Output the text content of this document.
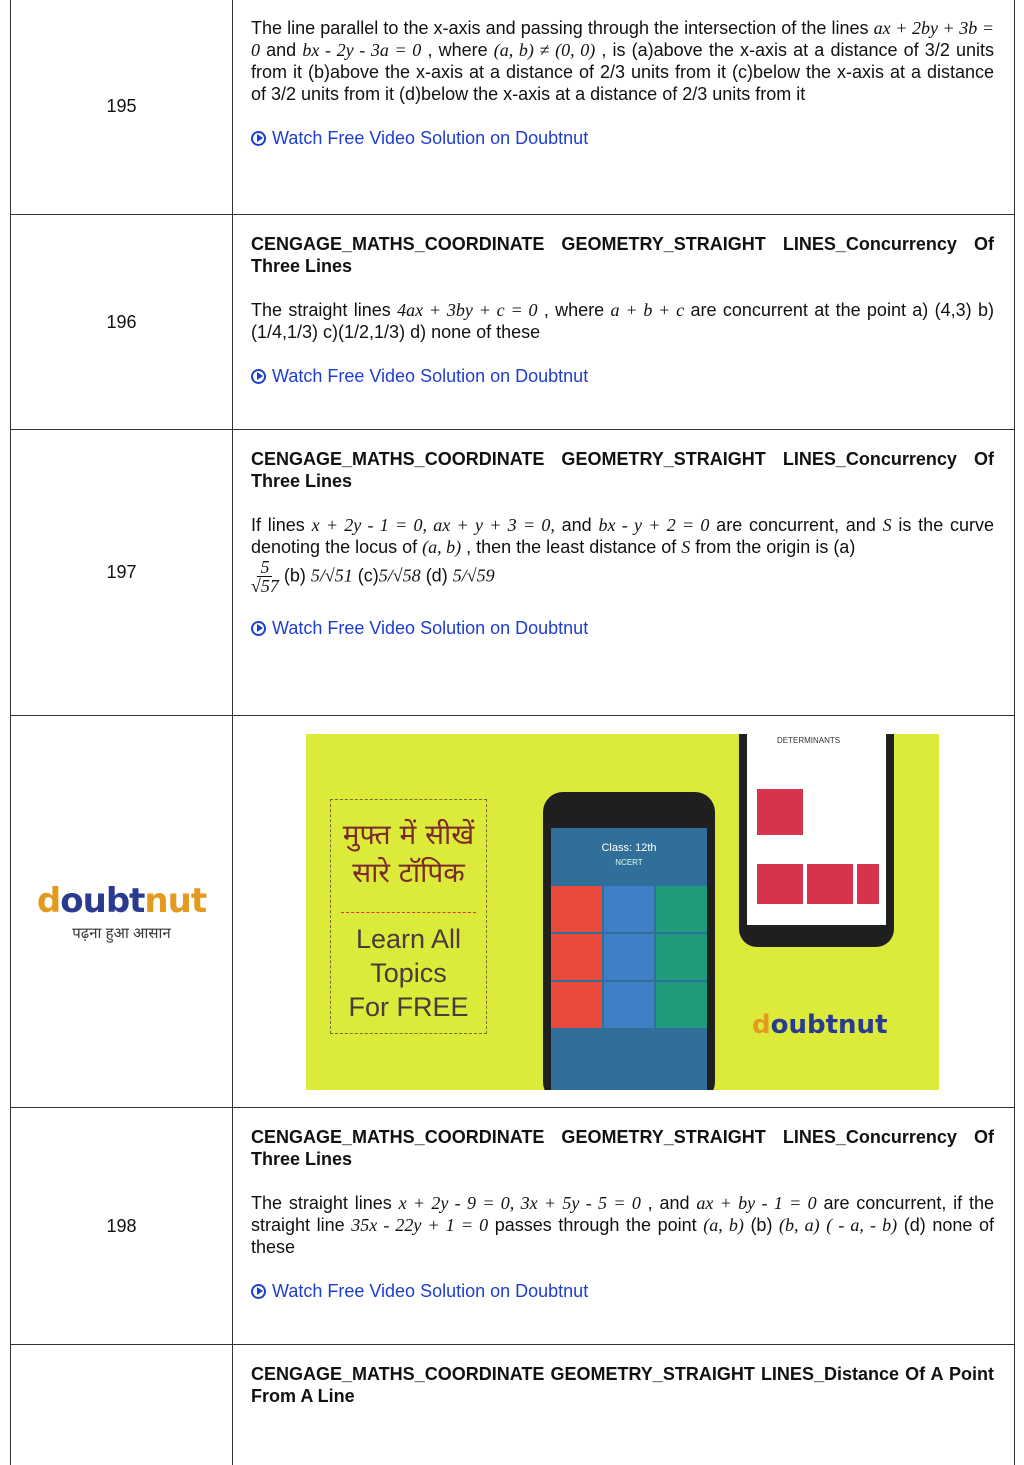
195
The line parallel to the x-axis and passing through the intersection of the lines ax + 2by + 3b = 0 and bx - 2y - 3a = 0 , where (a, b) ≠ (0, 0) , is (a)above the x-axis at a distance of 3/2 units from it (b)above the x-axis at a distance of 2/3 units from it (c)below the x-axis at a distance of 3/2 units from it (d)below the x-axis at a distance of 2/3 units from it
Watch Free Video Solution on Doubtnut
196
CENGAGE_MATHS_COORDINATE GEOMETRY_STRAIGHT LINES_Concurrency Of Three Lines
The straight lines 4ax + 3by + c = 0 , where a + b + c are concurrent at the point a) (4,3) b)(1/4,1/3) c)(1/2,1/3) d) none of these
Watch Free Video Solution on Doubtnut
197
CENGAGE_MATHS_COORDINATE GEOMETRY_STRAIGHT LINES_Concurrency Of Three Lines
If lines x + 2y - 1 = 0, ax + y + 3 = 0, and bx - y + 2 = 0 are concurrent, and S is the curve denoting the locus of (a, b) , then the least distance of S from the origin is (a)

$\frac{5}{√57} (b)$ 5/√51 (c)5/√58 (d) 5/√59
Watch Free Video Solution on Doubtnut
doubtnut
पढ़ना हुआ आसान
मुफ्त में सीखें
सारे टॉपिक
Learn All
Topics
For FREE
Class: 12th
NCERT
DETERMINANTS
doubtnut
198
CENGAGE_MATHS_COORDINATE GEOMETRY_STRAIGHT LINES_Concurrency Of Three Lines
The straight lines x + 2y - 9 = 0, 3x + 5y - 5 = 0 , and ax + by - 1 = 0 are concurrent, if the straight line 35x - 22y + 1 = 0 passes through the point (a, b) (b) (b, a) ( - a, - b) (d) none of these
Watch Free Video Solution on Doubtnut
CENGAGE_MATHS_COORDINATE GEOMETRY_STRAIGHT LINES_Distance Of A Point From A Line
